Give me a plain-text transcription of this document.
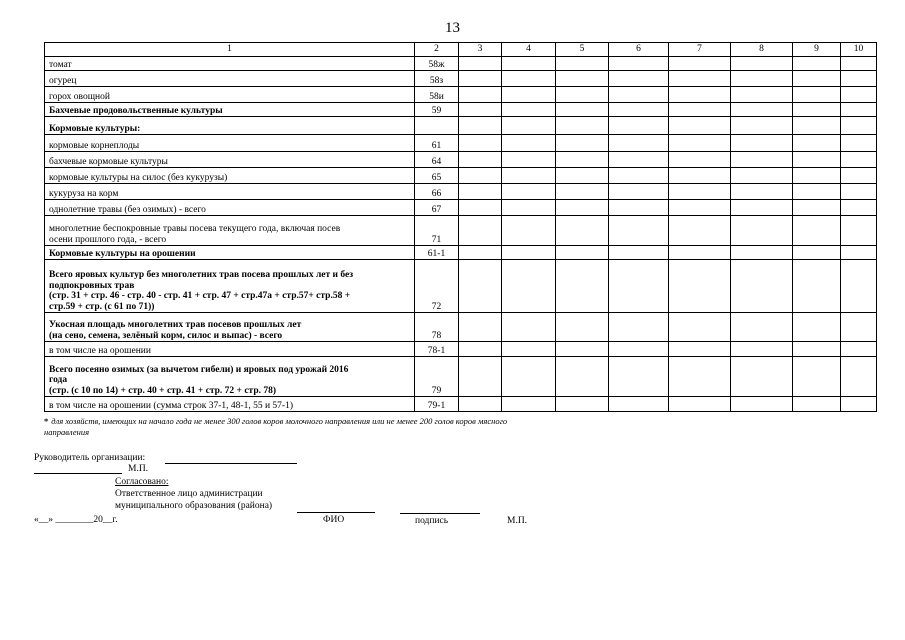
13
1	2	3	4	5	6	7	8	9	10
томат	58ж								
огурец	58з								
горох овощной	58и								
Бахчевые продовольственные культуры	59								
Кормовые культуры:									
кормовые корнеплоды	61								
бахчевые кормовые культуры	64								
кормовые культуры на силос (без кукурузы)	65								
кукуруза на корм	66								
однолетние травы (без озимых) - всего	67								

многолетние беспокровные травы посева текущего года, включая посев
осени прошлого года, - всего	71								
Кормовые культуры на орошении	61-1								

Всего яровых культур без многолетних трав посева прошлых лет и без
подпокровных трав
(стр. 31 + стр. 46 - стр. 40 - стр. 41 + стр. 47 + стр.47а + стр.57+ стр.58 +
стр.59 + стр. (с 61 по 71))	72								

Укосная площадь многолетних трав посевов прошлых лет
(на сено, семена, зелёный корм, силос и выпас) - всего	78								
в том числе на орошении	78-1								

Всего посеяно озимых (за вычетом гибели) и яровых под урожай 2016
года
(стр. (с 10 по 14) + стр. 40 + стр. 41 + стр. 72 + стр. 78)	79								
в том числе на орошении (сумма строк 37-1, 48-1, 55 и 57-1)	79-1								
* для хозяйств, имеющих на начало года не менее 300 голов коров молочного направления или не менее 200 голов коров мясного
направления
Руководитель организации:
М.П.
Согласовано:
Ответственное лицо администрации
муниципального образования (района)
«__» ________20__г.	ФИО	подпись	М.П.
